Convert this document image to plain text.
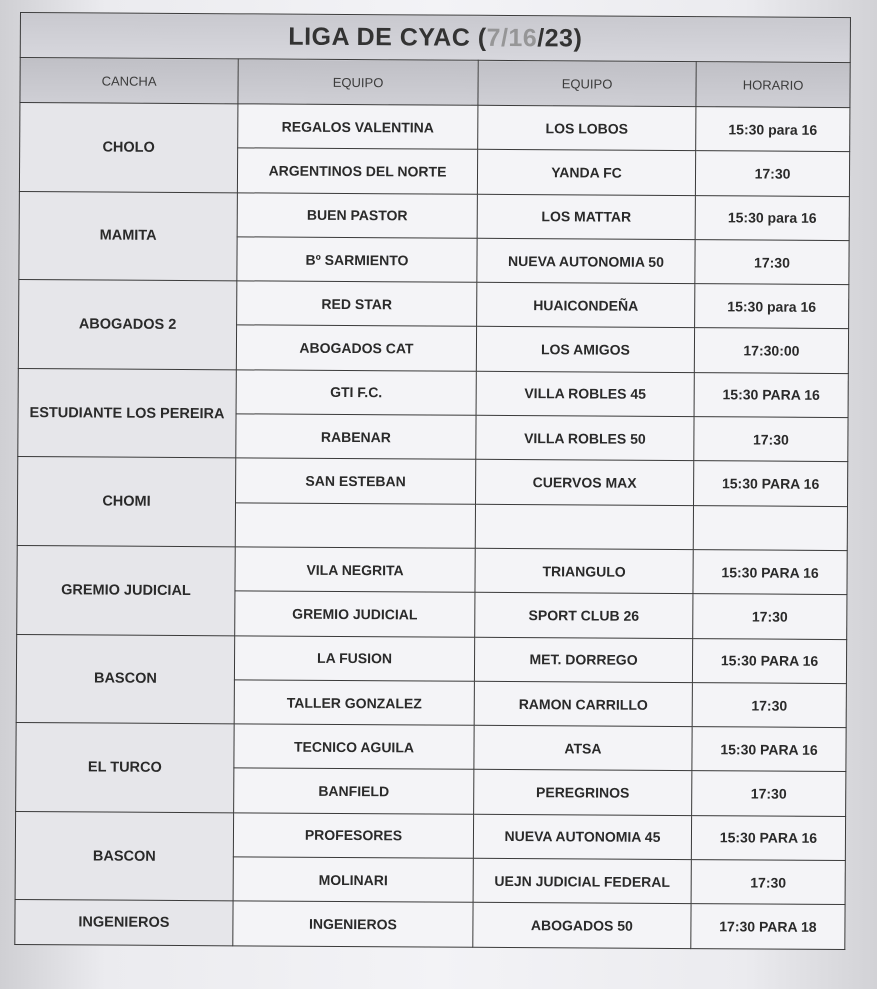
LIGA DE CYAC (7/16/23)			
CANCHA	EQUIPO	EQUIPO	HORARIO
CHOLO	REGALOS VALENTINA	LOS LOBOS	15:30 para 16
	ARGENTINOS DEL NORTE	YANDA FC	17:30
MAMITA	BUEN PASTOR	LOS MATTAR	15:30 para 16
	Bº SARMIENTO	NUEVA AUTONOMIA 50	17:30
ABOGADOS 2	RED STAR	HUAICONDEÑA	15:30 para 16
	ABOGADOS CAT	LOS AMIGOS	17:30:00
ESTUDIANTE LOS PEREIRA	GTI F.C.	VILLA ROBLES 45	15:30 PARA 16
	RABENAR	VILLA ROBLES 50	17:30
CHOMI	SAN ESTEBAN	CUERVOS MAX	15:30 PARA 16

GREMIO JUDICIAL	VILA NEGRITA	TRIANGULO	15:30 PARA 16
	GREMIO JUDICIAL	SPORT CLUB 26	17:30
BASCON	LA FUSION	MET. DORREGO	15:30 PARA 16
	TALLER GONZALEZ	RAMON CARRILLO	17:30
EL TURCO	TECNICO AGUILA	ATSA	15:30 PARA 16
	BANFIELD	PEREGRINOS	17:30
BASCON	PROFESORES	NUEVA AUTONOMIA 45	15:30 PARA 16
	MOLINARI	UEJN JUDICIAL FEDERAL	17:30
INGENIEROS	INGENIEROS	ABOGADOS 50	17:30 PARA 18
